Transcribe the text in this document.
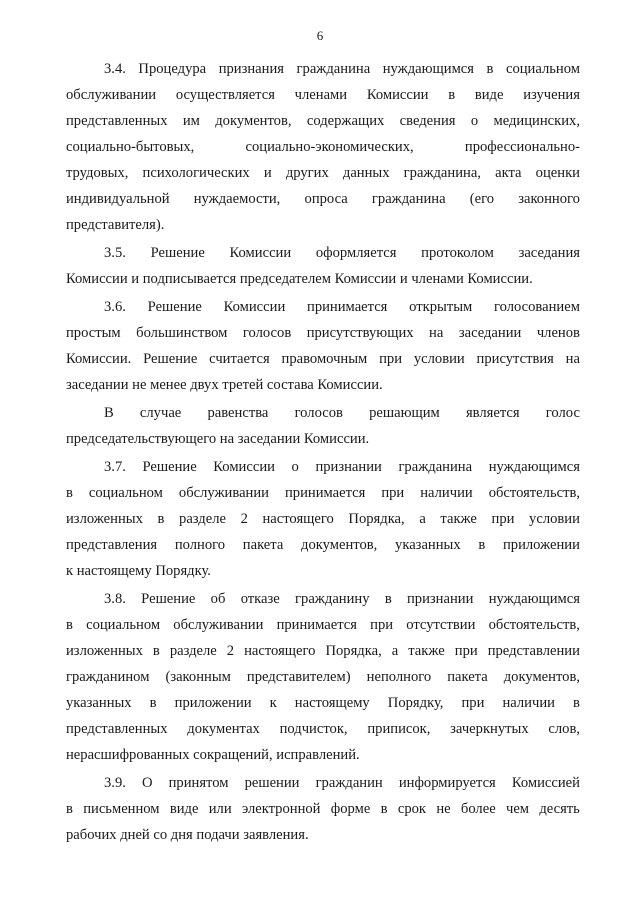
6
3.4. Процедура признания гражданина нуждающимся в социальном
обслуживании осуществляется членами Комиссии в виде изучения
представленных им документов, содержащих сведения о медицинских,
социально-бытовых,	социально-экономических,	профессионально-
трудовых, психологических и других данных гражданина, акта оценки
индивидуальной нуждаемости, опроса гражданина (его законного
представителя).
3.5. Решение Комиссии оформляется протоколом заседания
Комиссии и подписывается председателем Комиссии и членами Комиссии.
3.6. Решение Комиссии принимается открытым голосованием
простым большинством голосов присутствующих на заседании членов
Комиссии. Решение считается правомочным при условии присутствия на
заседании не менее двух третей состава Комиссии.
В случае равенства голосов решающим является голос
председательствующего на заседании Комиссии.
3.7. Решение Комиссии о признании гражданина нуждающимся
в социальном обслуживании принимается при наличии обстоятельств,
изложенных в разделе 2 настоящего Порядка, а также при условии
представления полного пакета документов, указанных в приложении
к настоящему Порядку.
3.8. Решение об отказе гражданину в признании нуждающимся
в социальном обслуживании принимается при отсутствии обстоятельств,
изложенных в разделе 2 настоящего Порядка, а также при представлении
гражданином (законным представителем) неполного пакета документов,
указанных в приложении к настоящему Порядку, при наличии в
представленных документах подчисток, приписок, зачеркнутых слов,
нерасшифрованных сокращений, исправлений.
3.9. О принятом решении гражданин информируется Комиссией
в письменном виде или электронной форме в срок не более чем десять
рабочих дней со дня подачи заявления.
